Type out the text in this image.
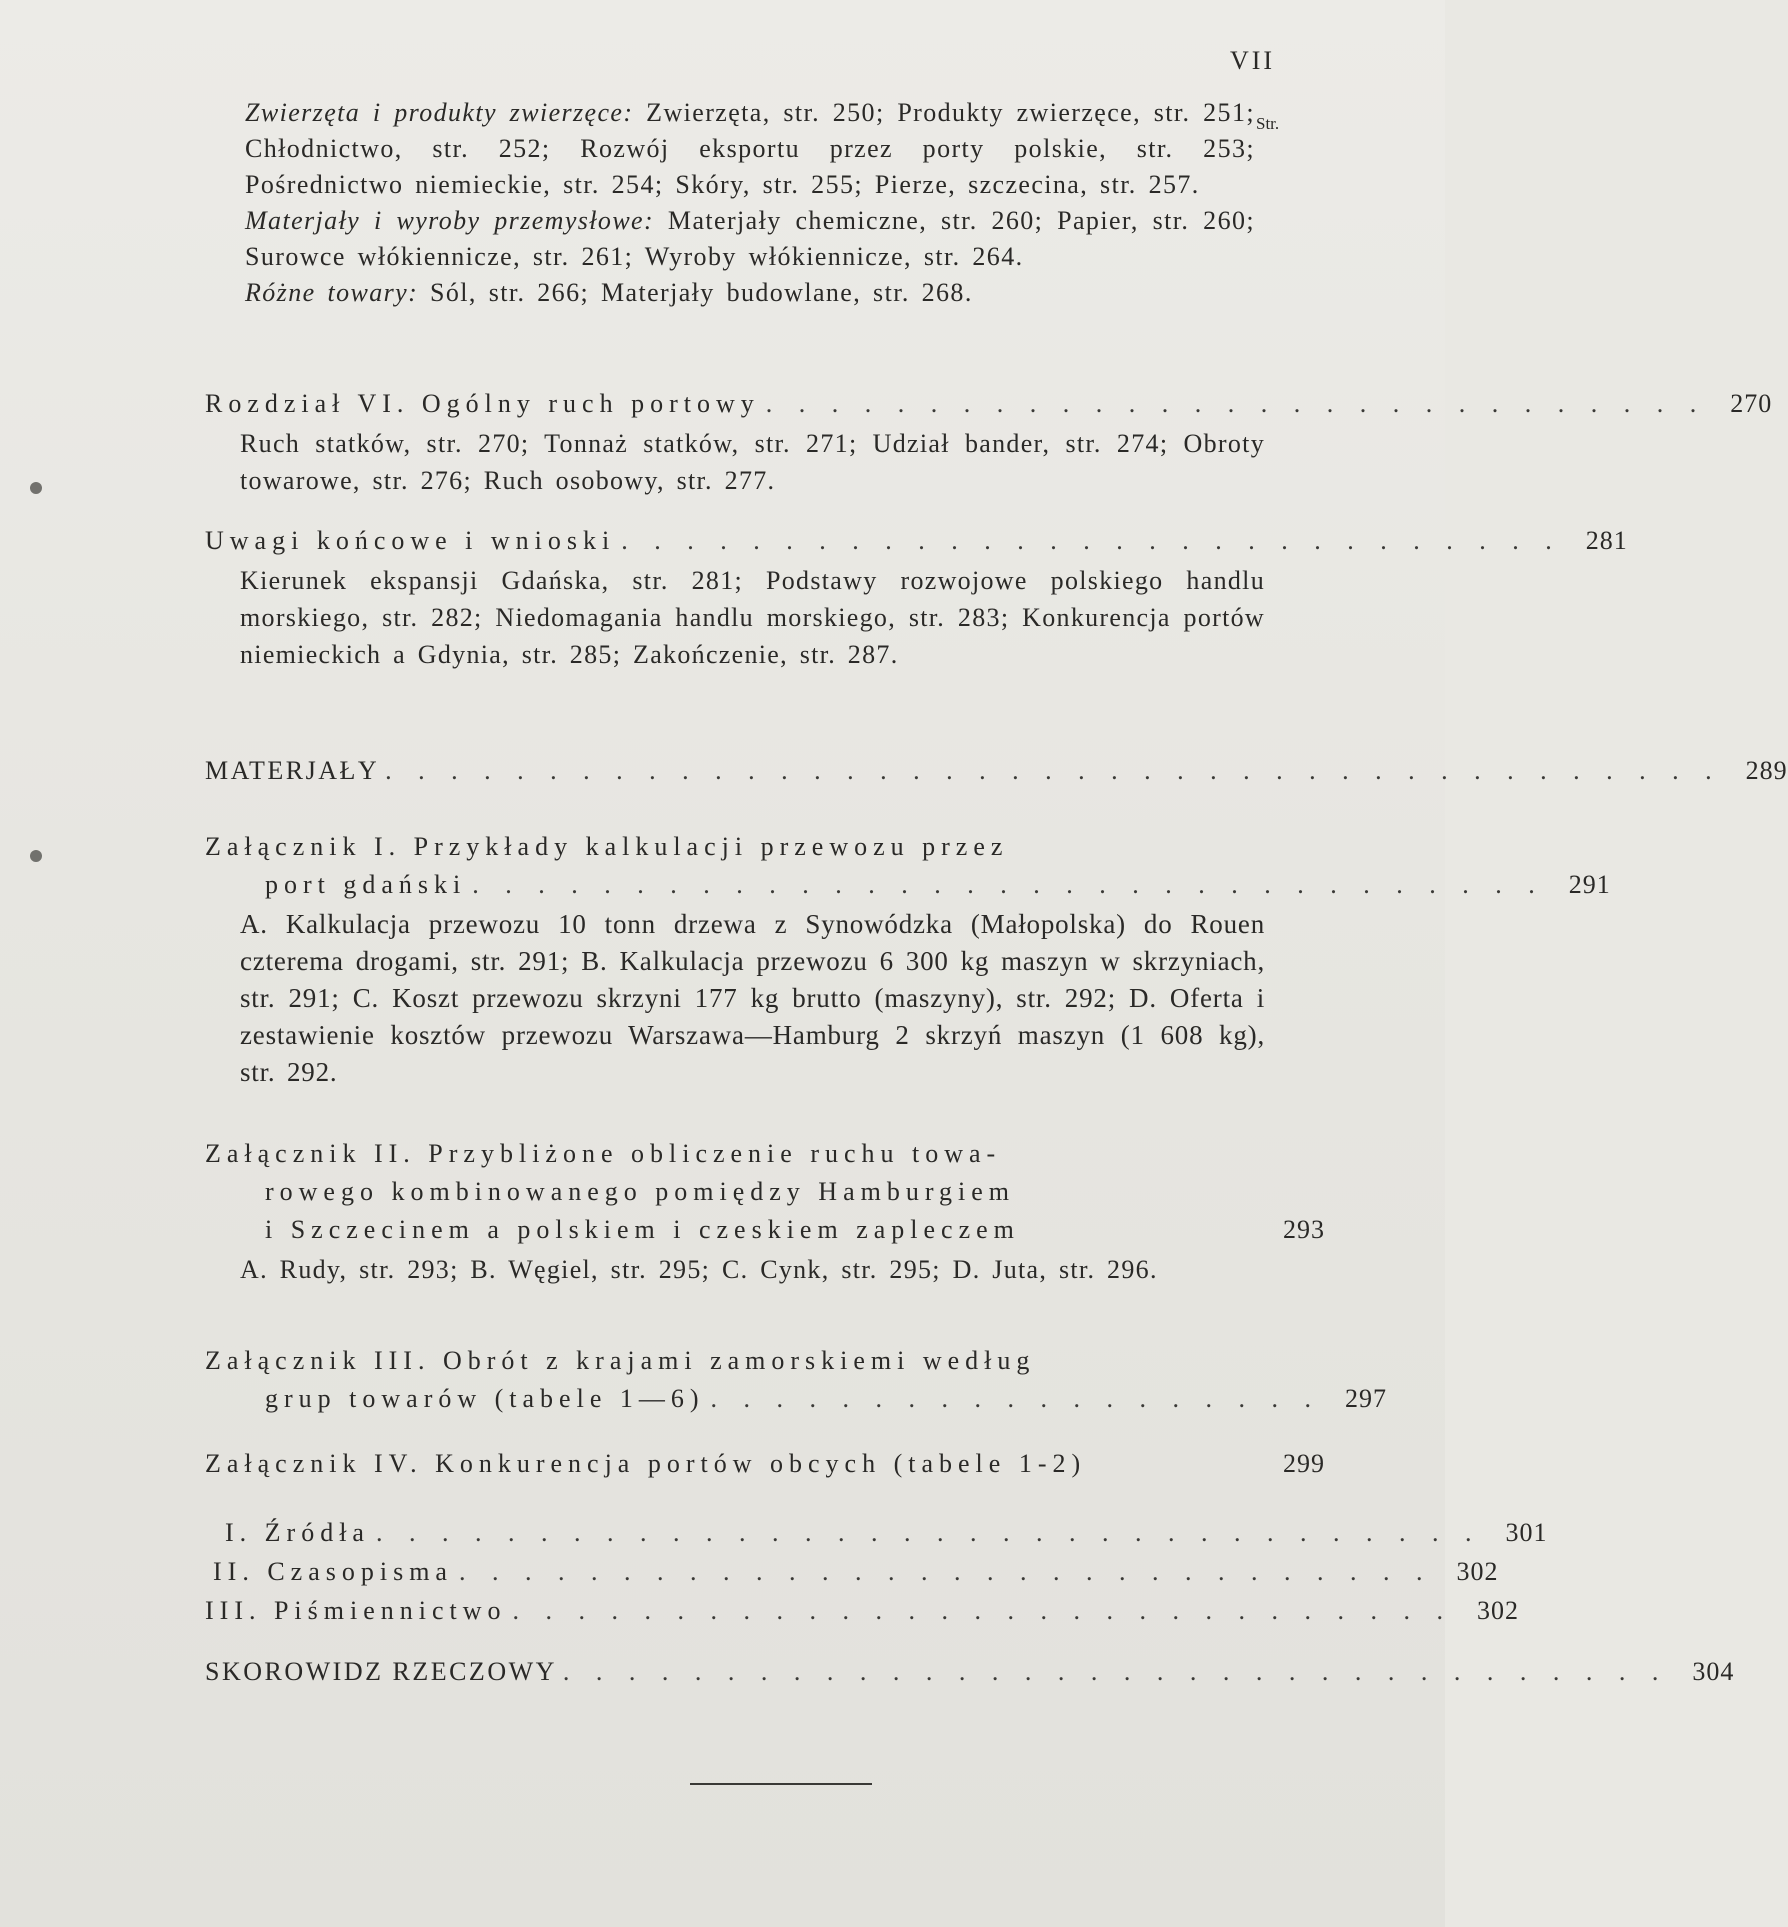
VII
Str.
Zwierzęta i produkty zwierzęce: Zwierzęta, str. 250; Produkty zwierzęce, str. 251; Chłodnictwo, str. 252; Rozwój eksportu przez porty polskie, str. 253; Pośrednictwo niemieckie, str. 254; Skóry, str. 255; Pierze, szczecina, str. 257.
Materjały i wyroby przemysłowe: Materjały chemiczne, str. 260; Papier, str. 260; Surowce włókiennicze, str. 261; Wyroby włókiennicze, str. 264.
Różne towary: Sól, str. 266; Materjały budowlane, str. 268.
Rozdział VI. Ogólny ruch portowy . . . . . . . . . . . . . . . . . . . . . . . . . . . . . 270
Ruch statków, str. 270; Tonnaż statków, str. 271; Udział bander, str. 274; Obroty towarowe, str. 276; Ruch osobowy, str. 277.
Uwagi końcowe i wnioski . . . . . . . . . . . . . . . . . . . . . . . . . . . . . 281
Kierunek ekspansji Gdańska, str. 281; Podstawy rozwojowe polskiego handlu morskiego, str. 282; Niedomagania handlu morskiego, str. 283; Konkurencja portów niemieckich a Gdynia, str. 285; Zakończenie, str. 287.
MATERJAŁY . . . . . . . . . . . . . . . . . . . . . . . . . . . . . . . . . . . . . . . . . 289
Załącznik I. Przykłady kalkulacji przewozu przez
port gdański . . . . . . . . . . . . . . . . . . . . . . . . . . . . . . . . . 291
A. Kalkulacja przewozu 10 tonn drzewa z Synowódzka (Małopolska) do Rouen czterema drogami, str. 291; B. Kalkulacja przewozu 6 300 kg maszyn w skrzyniach, str. 291; C. Koszt przewozu skrzyni 177 kg brutto (maszyny), str. 292; D. Oferta i zestawienie kosztów przewozu Warszawa—Hamburg 2 skrzyń maszyn (1 608 kg), str. 292.
Załącznik II. Przybliżone obliczenie ruchu towa-
rowego kombinowanego pomiędzy Hamburgiem
i Szczecinem a polskiem i czeskiem zapleczem	293
A. Rudy, str. 293; B. Węgiel, str. 295; C. Cynk, str. 295; D. Juta, str. 296.
Załącznik III. Obrót z krajami zamorskiemi według
grup towarów (tabele 1—6) . . . . . . . . . . . . . . . . . . . 297
Załącznik IV. Konkurencja portów obcych (tabele 1-2)	299
I. Źródła . . . . . . . . . . . . . . . . . . . . . . . . . . . . . . . . . . 301
II. Czasopisma . . . . . . . . . . . . . . . . . . . . . . . . . . . . . . 302
III. Piśmiennictwo . . . . . . . . . . . . . . . . . . . . . . . . . . . . . 302
SKOROWIDZ RZECZOWY . . . . . . . . . . . . . . . . . . . . . . . . . . . . . . . . . . 304
